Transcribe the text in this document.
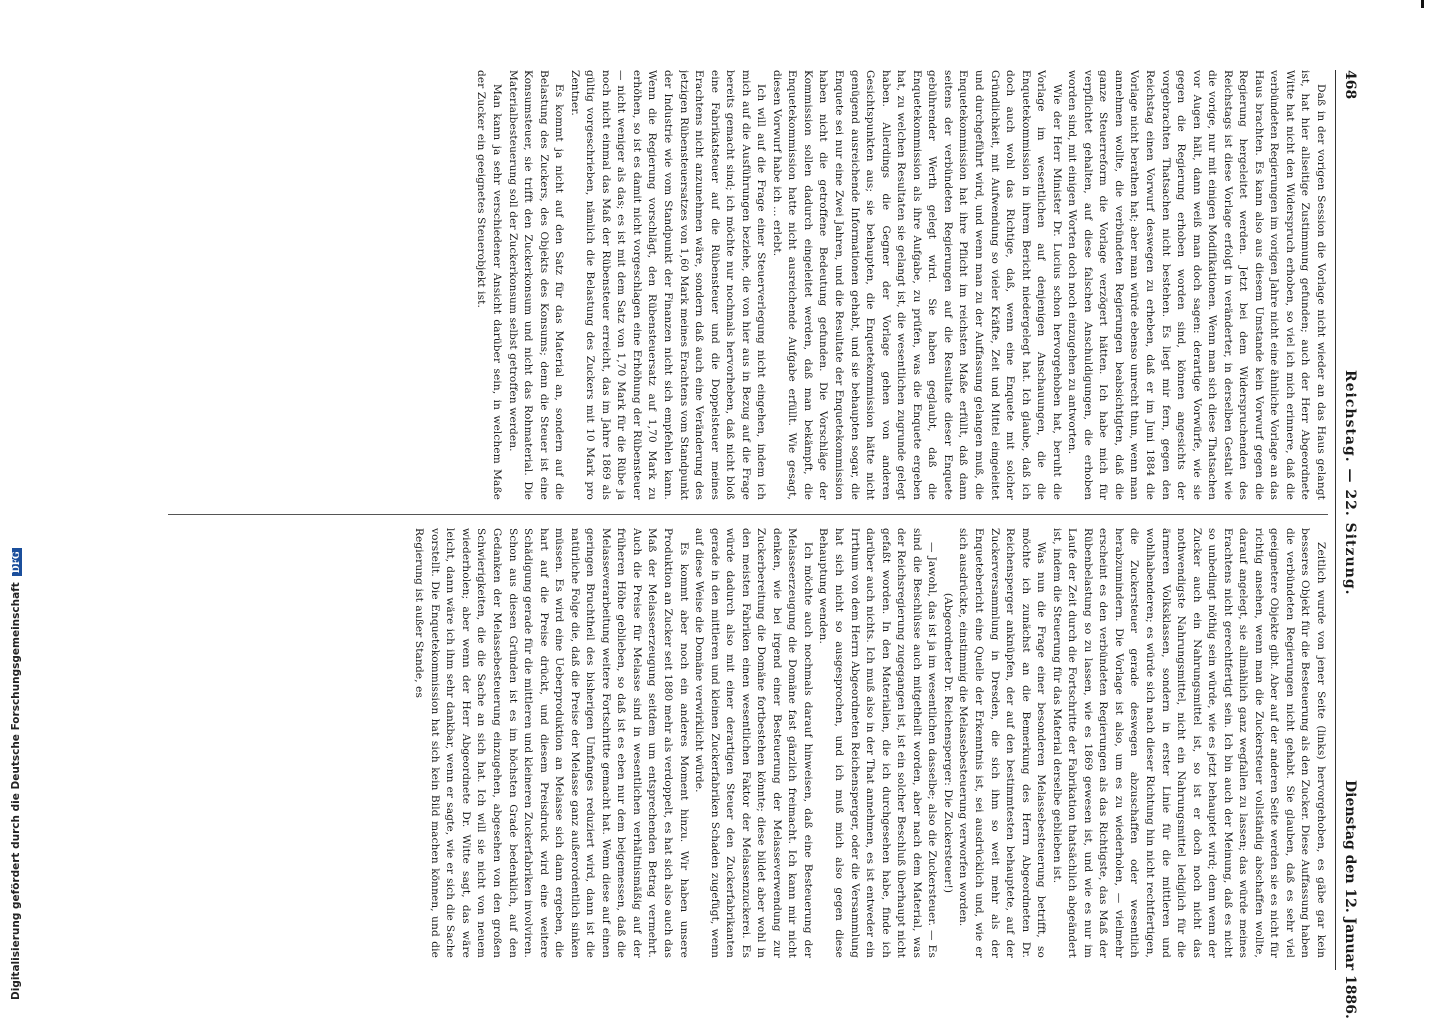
468
Reichstag. — 22. Sitzung.
Dienstag den 12. Januar 1886.

Daß in der vorigen Session die Vorlage nicht wieder an das Haus gelangt ist, hat hier allseitige Zustimmung gefunden; auch der Herr Abgeordnete Witte hat nicht den Widerspruch erhoben, so viel ich mich erinnere, daß die verbündeten Regierungen im vorigen Jahre nicht eine ähnliche Vorlage an das Haus brachten. Es kann also aus diesem Umstande kein Vorwurf gegen die Regierung hergeleitet werden. Jetzt bei dem Widerspruchenden des Reichstags ist diese Vorlage erfolgt in veränderter, in derselben Gestalt wie die vorige, nur mit einigen Modifikationen. Wenn man sich diese Thatsachen vor Augen hält, dann weiß man doch sagen: derartige Vorwürfe, wie sie gegen die Regierung erhoben worden sind, können angesichts der vorgebrachten Thatsachen nicht bestehen. Es liegt mir fern, gegen den Reichstag einen Vorwurf deswegen zu erheben, daß er im Juni 1884 die Vorlage nicht berathen hat; aber man würde ebenso unrecht thun, wenn man annehmen wollte, die verbündeten Regierungen beabsichtigten, daß die ganze Steuerreform die Vorlage verzögert hätten. Ich habe mich für verpflichtet gehalten, auf diese falschen Anschuldigungen, die erhoben worden sind, mit einigen Worten doch noch einzugehen zu antworten.

Wie der Herr Minister Dr. Lucius schon hervorgehoben hat, beruht die Vorlage im wesentlichen auf denjenigen Anschauungen, die die Enquetekommission in ihrem Bericht niedergelegt hat. Ich glaube, daß ich doch auch wohl das Richtige, daß, wenn eine Enquete mit solcher Gründlichkeit, mit Aufwendung so vieler Kräfte, Zeit und Mittel eingeleitet und durchgeführt wird, und wenn man zu der Auffassung gelangen muß, die Enquetekommission hat ihre Pflicht im reichsten Maße erfüllt, daß dann seitens der verbündeten Regierungen auf die Resultate dieser Enquete gebührender Werth gelegt wird. Sie haben geglaubt, daß die Enquetekommission als ihre Aufgabe, zu prüfen, was die Enquete ergeben hat, zu welchen Resultaten sie gelangt ist, die wesentlichen zugrunde gelegt haben. Allerdings die Gegner der Vorlage gehen von anderen Gesichtspunkten aus; sie behaupten, die Enquetekommission hätte nicht genügend ausreichende Informationen gehabt, und sie behaupten sogar, die Enquete sei nur eine Zwei Jahren, und die Resultate der Enquetekommission haben nicht die getroffene Bedeutung gefunden. Die Vorschläge der Kommission sollen dadurch eingeleitet werden, daß man bekämpft, die Enquetekommission hatte nicht ausreichende Aufgabe erfüllt. Wie gesagt, diesen Vorwurf habe ich ... erlebt.

Ich will auf die Frage einer Steuerverlegung nicht eingehen, indem ich mich auf die Ausführungen beziehe, die von hier aus in Bezug auf die Frage bereits gemacht sind; ich möchte nur nochmals hervorheben, daß nicht bloß eine Fabrikatsteuer auf die Rübensteuer und die Doppelsteuer meines Erachtens nicht anzunehmen wäre, sondern daß auch eine Veränderung des jetzigen Rübensteuersatzes von 1,60 Mark meines Erachtens vom Standpunkt der Industrie wie vom Standpunkt der Finanzen nicht sich empfehlen kann. Wenn die Regierung vorschlägt, den Rübensteuersatz auf 1,70 Mark zu erhöhen, so ist es damit nicht vorgeschlagen eine Erhöhung der Rübensteuer — nicht weniger als das; es ist mit dem Satz von 1,70 Mark für die Rübe ja noch nicht einmal das Maß der Rübensteuer erreicht, das im Jahre 1869 als gültig vorgeschrieben, nämlich die Belastung des Zuckers mit 10 Mark pro Zentner.

Es kommt ja nicht auf den Satz für das Material an, sondern auf die Belastung des Zuckers, des Objekts des Konsums; denn die Steuer ist eine Konsumsteuer, sie trifft den Zuckerkonsum und nicht das Rohmaterial. Die Materialbesteuerung soll der Zuckerkonsum selbst getroffen werden.

Man kann ja sehr verschiedener Ansicht darüber sein, in welchem Maße der Zucker ein geeignetes Steuerobjekt ist.

Zeitlich wurde von jener Seite (links) hervorgehoben, es gäbe gar kein besseres Objekt für die Besteuerung als den Zucker. Diese Auffassung haben die verbündeten Regierungen nicht gehabt. Sie glauben, daß es sehr viel geeignetere Objekte gibt. Aber auf der anderen Seite werden sie es nicht für richtig ansehen, wenn man die Zuckersteuer vollständig abschaffen wollte, darauf angelegt, sie allmählich ganz wegfallen zu lassen; das würde meines Erachtens nicht gerechtfertigt sein. Ich bin auch der Meinung, daß es nicht so unbedingt nöthig sein würde, wie es jetzt behauptet wird; denn wenn der Zucker auch ein Nahrungsmittel ist, so ist er doch noch nicht das nothwendigste Nahrungsmittel, nicht ein Nahrungsmittel lediglich für die ärmeren Volksklassen, sondern in erster Linie für die mittleren und wohlhabenderen; es würde sich nach dieser Richtung hin nicht rechtfertigen, die Zuckersteuer gerade deswegen abzuschaffen oder wesentlich herabzumindern. Die Vorlage ist also, um es zu wiederholen, — vielmehr erscheint es den verbündeten Regierungen als das Richtigste, das Maß der Rübenbelastung so zu lassen, wie es 1869 gewesen ist, und wie es nur im Laufe der Zeit durch die Fortschritte der Fabrikation thatsächlich abgeändert ist, indem die Steuerung für das Material derselbe geblieben ist.

Was nun die Frage einer besonderen Melassebesteuerung betrifft, so möchte ich zunächst an die Bemerkung des Herrn Abgeordneten Dr. Reichensperger anknüpfen, der auf den bestimmtesten behauptete, auf der Zuckerversammlung in Dresden, die sich ihm so weit mehr als der Enquetebericht eine Quelle der Erkenntnis ist, sei ausdrücklich und, wie er sich ausdrückte, einstimmig die Melassebesteuerung verworfen worden.

(Abgeordneter Dr. Reichensperger: Die Zuckersteuer!)

— Jawohl, das ist ja im wesentlichen dasselbe; also die Zuckersteuer. — Es sind die Beschlüsse auch mitgetheilt worden, aber nach dem Material, was der Reichsregierung zugegangen ist, ist ein solcher Beschluß überhaupt nicht gefaßt worden. In den Materialien, die ich durchgesehen habe, finde ich darüber auch nichts. Ich muß also in der That annehmen, es ist entweder ein Irrthum von dem Herrn Abgeordneten Reichensperger, oder die Versammlung hat sich nicht so ausgesprochen, und ich muß mich also gegen diese Behauptung wenden.

Ich möchte auch nochmals darauf hinweisen, daß eine Besteuerung der Melasseerzeugung die Domäne fast gänzlich freimacht. Ich kann mir nicht denken, wie bei irgend einer Besteuerung der Melasseverwendung zur Zuckerbereitung die Domäne fortbestehen könnte; diese bildet aber wohl in den meisten Fabriken einen wesentlichen Faktor der Melassenzuckerei. Es würde dadurch also mit einer derartigen Steuer den Zuckerfabrikanten gerade in den mittleren und kleinen Zuckerfabriken Schaden zugefügt, wenn auf diese Weise die Domäne verwirklicht würde.

Es kommt aber noch ein anderes Moment hinzu. Wir haben unsere Produktion an Zucker seit 1880 mehr als verdoppelt, es hat sich also auch das Maß der Melasseerzeugung seitdem um entsprechenden Betrag vermehrt. Auch die Preise für Melasse sind in wesentlichen verhältnismäßig auf der früheren Höhe geblieben, so daß ist es eben nur dem beigemessen, daß die Melasseverarbeitung weitere Fortschritte gemacht hat. Wenn diese auf einen geringen Bruchtheil des bisherigen Umfanges reduziert wird, dann ist die natürliche Folge die, daß die Preise der Melasse ganz außerordentlich sinken müssen. Es wird eine Ueberproduktion an Melasse sich dann ergeben, die hart auf die Preise drückt, und diesem Preisdruck wird eine weitere Schädigung gerade für die mittleren und kleineren Zuckerfabriken involviren. Schon aus diesen Gründen ist es im höchsten Grade bedenklich, auf den Gedanken der Melassebesteuerung einzugehen, abgesehen von den großen Schwierigkeiten, die die Sache an sich hat. Ich will sie nicht von neuem wiederholen; aber wenn der Herr Abgeordnete Dr. Witte sagt, das wäre leicht, dann wäre ich ihm sehr dankbar, wenn er sagte, wie er sich die Sache vorstellt. Die Enquetekommission hat sich kein Bild machen können, und die Regierung ist außer Stande, es

Digitalisierung gefördert durch die Deutsche ForschungsgemeinschaftDFG
